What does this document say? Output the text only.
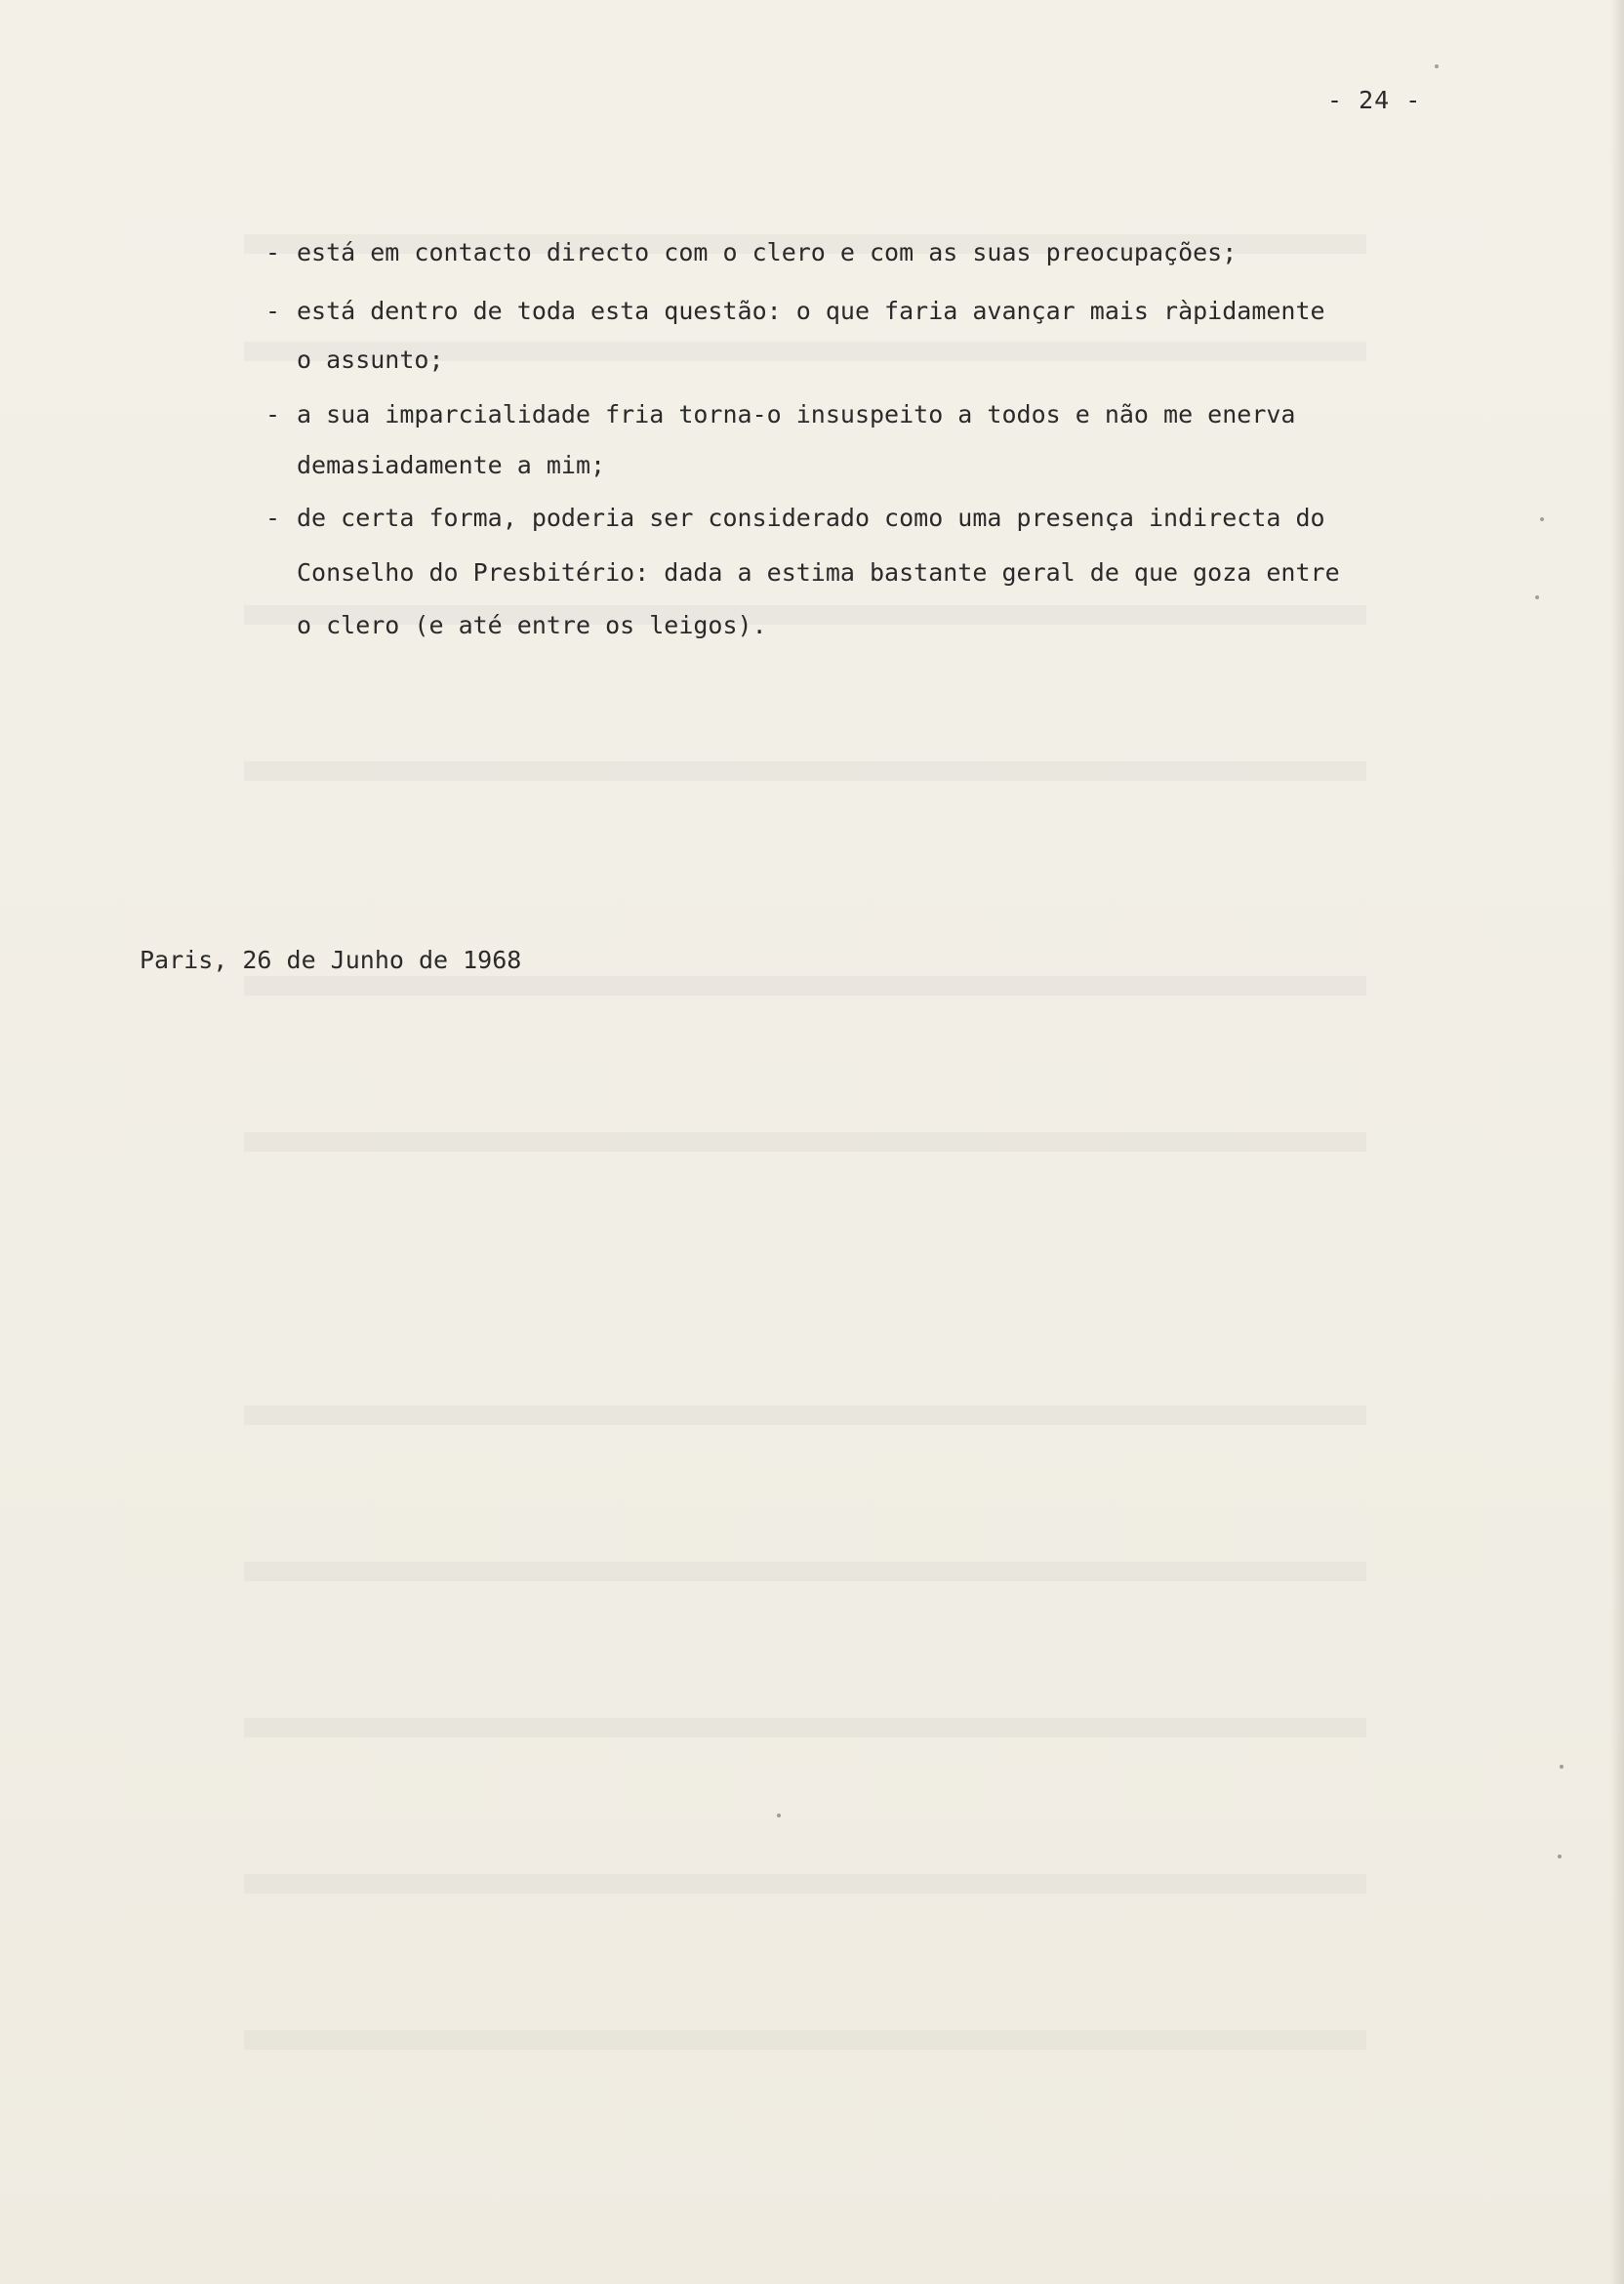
- 24 -
- está em contacto directo com o clero e com as suas preocupações;
- está dentro de toda esta questão: o que faria avançar mais ràpidamente
o assunto;
- a sua imparcialidade fria torna-o insuspeito a todos e não me enerva
demasiadamente a mim;
- de certa forma, poderia ser considerado como uma presença indirecta do
Conselho do Presbitério: dada a estima bastante geral de que goza entre
o clero (e até entre os leigos).
Paris, 26 de Junho de 1968
